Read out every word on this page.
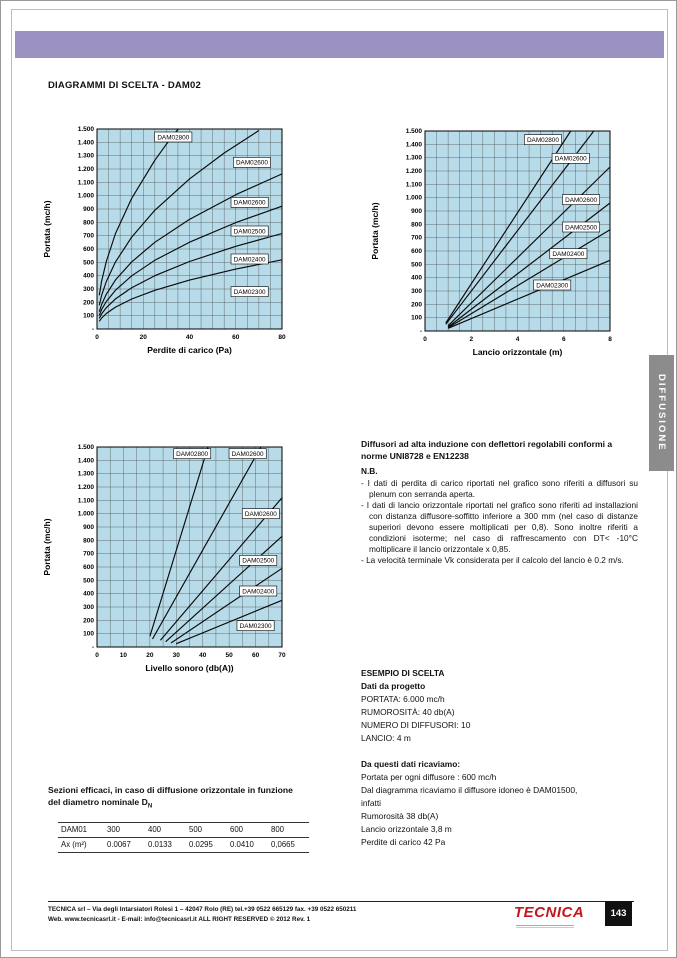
DIAGRAMMI DI SCELTA - DAM02
DAM02800
DAM02600
DAM02600
DAM02500
DAM02400
DAM02300
1.500
1.400
1.300
1.200
1.100
1.000
900
800
700
600
500
400
300
200
100
-
0	20	40	60	80
Perdite di carico (Pa)
Portata (mc/h)
DAM02800
DAM02600
DAM02600
DAM02500
DAM02400
DAM02300
1.500
1.400
1.300
1.200
1.100
1.000
900
800
700
600
500
400
300
200
100
-
0	2	4	6	8
Lancio orizzontale (m)
Portata (mc/h)
DAM02800	DAM02600
DAM02600
DAM02500
DAM02400
DAM02300
1.500
1.400
1.300
1.200
1.100
1.000
900
800
700
600
500
400
300
200
100
-
0	10	20	30	40	50	60	70
Livello sonoro (db(A))
Portata (mc/h)

Diffusori ad alta induzione con deflettori regolabili conformi a norme UNI8728 e EN12238

N.B.

- I dati di perdita di carico riportati nel grafico sono riferiti a diffusori su plenum con serranda aperta.

- I dati di lancio orizzontale riportati nel grafico sono riferiti ad installazioni con distanza diffusore-soffitto inferiore a 300 mm (nel caso di distanze superiori devono essere moltiplicati per 0,8). Sono inoltre riferiti a condizioni isoterme; nel caso di raffrescamento con DT< -10°C moltiplicare il lancio orizzontale x 0,85.

- La velocità terminale Vk considerata per il calcolo del lancio è 0.2 m/s.

ESEMPIO DI SCELTA

Dati da progetto

PORTATA: 6.000 mc/h

RUMOROSITÀ: 40 db(A)

NUMERO DI DIFFUSORI: 10

LANCIO: 4 m

Da questi dati ricaviamo:

Portata per ogni diffusore : 600 mc/h

Dal diagramma ricaviamo il diffusore idoneo è DAM01500,

infatti

Rumorosità 38 db(A)

Lancio orizzontale 3,8 m

Perdite di carico 42 Pa

Sezioni efficaci, in caso di diffusione orizzontale in funzione del diametro nominale $D_N$

DAM01	300	400	500	600	800
Ax (m²)	0.0067	0.0133	0.0295	0.0410	0,0665
DIFFUSIONE

TECNICA srl – Via degli Intarsiatori Rolesi 1 – 42047 Rolo (RE) tel.+39 0522 665129 fax. +39 0522 650211

Web. www.tecnicasrl.it - E-mail: info@tecnicasrl.it ALL RIGHT RESERVED © 2012 Rev. 1	TECNICA	143
